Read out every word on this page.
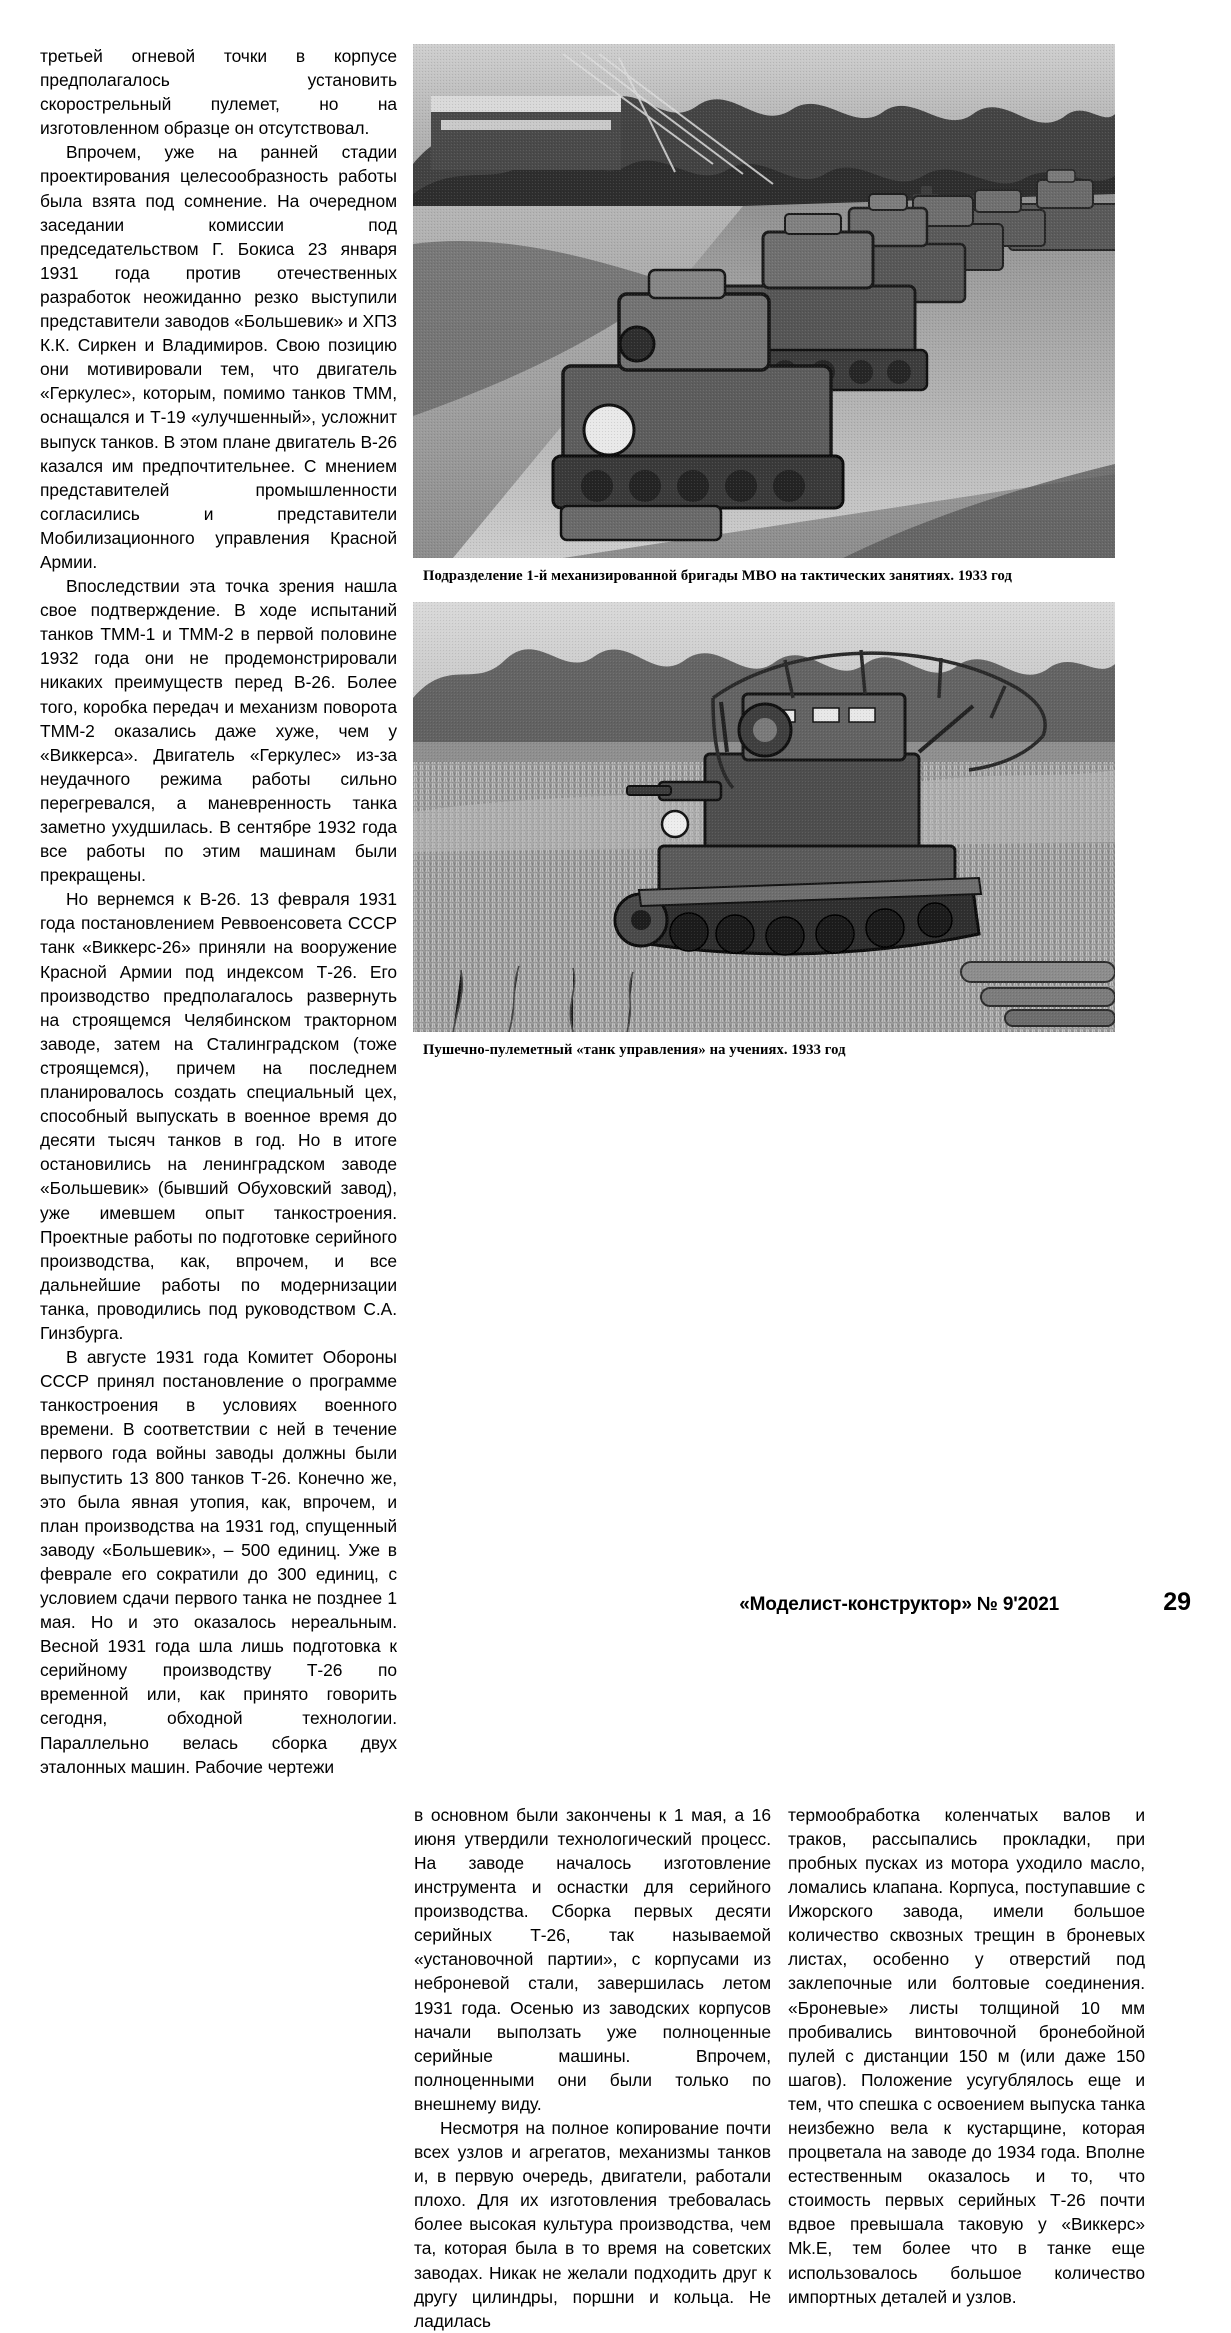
третьей огневой точки в корпусе предполагалось установить скорострельный пулемет, но на изготовленном образце он отсутствовал.

Впрочем, уже на ранней стадии проектирования целесообразность работы была взята под сомнение. На очередном заседании комиссии под председательством Г. Бокиса 23 января 1931 года против отечественных разработок неожиданно резко выступили представители заводов «Большевик» и ХПЗ К.К. Сиркен и Владимиров. Свою позицию они мотивировали тем, что двигатель «Геркулес», которым, помимо танков ТММ, оснащался и Т-19 «улучшенный», усложнит выпуск танков. В этом плане двигатель В-26 казался им предпочтительнее. С мнением представителей промышленности согласились и представители Мобилизационного управления Красной Армии.

Впоследствии эта точка зрения нашла свое подтверждение. В ходе испытаний танков ТММ-1 и ТММ-2 в первой половине 1932 года они не продемонстрировали никаких преимуществ перед В-26. Более того, коробка передач и механизм поворота ТММ-2 оказались даже хуже, чем у «Виккерса». Двигатель «Геркулес» из-за неудачного режима работы сильно перегревался, а маневренность танка заметно ухудшилась. В сентябре 1932 года все работы по этим машинам были прекращены.

Но вернемся к В-26. 13 февраля 1931 года постановлением Реввоенсовета СССР танк «Виккерс-26» приняли на вооружение Красной Армии под индексом Т-26. Его производство предполагалось развернуть на строящемся Челябинском тракторном заводе, затем на Сталинградском (тоже строящемся), причем на последнем планировалось создать специальный цех, способный выпускать в военное время до десяти тысяч танков в год. Но в итоге остановились на ленинградском заводе «Большевик» (бывший Обуховский завод), уже имевшем опыт танкостроения. Проектные работы по подготовке серийного производства, как, впрочем, и все дальнейшие работы по модернизации танка, проводились под руководством С.А. Гинзбурга.

В августе 1931 года Комитет Обороны СССР принял постановление о программе танкостроения в условиях военного времени. В соответствии с ней в течение первого года войны заводы должны были выпустить 13 800 танков Т-26. Конечно же, это была явная утопия, как, впрочем, и план производства на 1931 год, спущенный заводу «Большевик», – 500 единиц. Уже в феврале его сократили до 300 единиц, с условием сдачи первого танка не позднее 1 мая. Но и это оказалось нереальным. Весной 1931 года шла лишь подготовка к серийному производству Т-26 по временной или, как принято говорить сегодня, обходной технологии. Параллельно велась сборка двух эталонных машин. Рабочие чертежи

Подразделение 1-й механизированной бригады МВО на тактических занятиях. 1933 год
Пушечно-пулеметный «танк управления» на учениях. 1933 год

в основном были закончены к 1 мая, а 16 июня утвердили технологический процесс. На заводе началось изготовление инструмента и оснастки для серийного производства. Сборка первых десяти серийных Т-26, так называемой «установочной партии», с корпусами из неброневой стали, завершилась летом 1931 года. Осенью из заводских корпусов начали выползать уже полноценные серийные машины. Впрочем, полноценными они были только по внешнему виду.

Несмотря на полное копирование почти всех узлов и агрегатов, механизмы танков и, в первую очередь, двигатели, работали плохо. Для их изготовления требовалась более высокая культура производства, чем та, которая была в то время на советских заводах. Никак не желали подходить друг к другу цилиндры, поршни и кольца. Не ладилась

термообработка коленчатых валов и траков, рассыпались прокладки, при пробных пусках из мотора уходило масло, ломались клапана. Корпуса, поступавшие с Ижорского завода, имели большое количество сквозных трещин в броневых листах, особенно у отверстий под заклепочные или болтовые соединения. «Броневые» листы толщиной 10 мм пробивались винтовочной бронебойной пулей с дистанции 150 м (или даже 150 шагов). Положение усугублялось еще и тем, что спешка с освоением выпуска танка неизбежно вела к кустарщине, которая процветала на заводе до 1934 года. Вполне естественным оказалось и то, что стоимость первых серийных Т-26 почти вдвое превышала таковую у «Виккерс» Mk.E, тем более что в танке еще использовалось большое количество импортных деталей и узлов.

«Моделист-конструктор» № 9'2021	29
